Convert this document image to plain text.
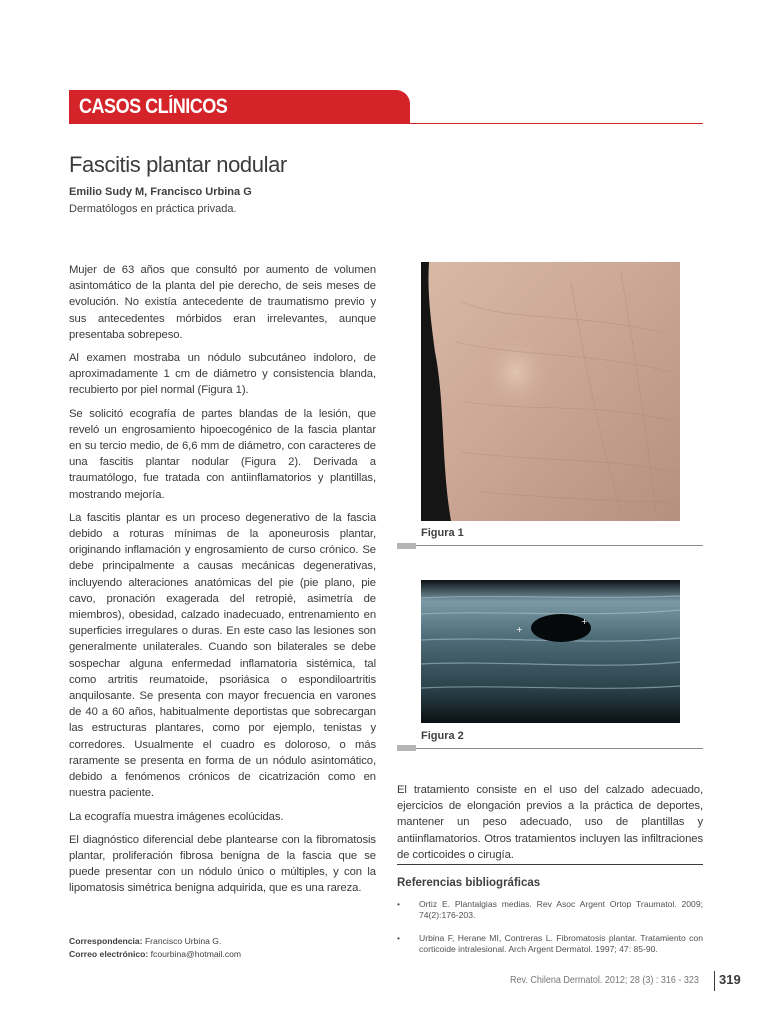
CASOS CLÍNICOS
Fascitis plantar nodular
Emilio Sudy M, Francisco Urbina G
Dermatólogos en práctica privada.

Mujer de 63 años que consultó por aumento de volumen asintomático de la planta del pie derecho, de seis meses de evolución. No existía antecedente de traumatismo previo y sus antecedentes mórbidos eran irrelevantes, aunque presentaba sobrepeso.

Al examen mostraba un nódulo subcutáneo indoloro, de aproximadamente 1 cm de diámetro y consistencia blanda, recubierto por piel normal (Figura 1).

Se solicitó ecografía de partes blandas de la lesión, que reveló un engrosamiento hipoecogénico de la fascia plantar en su tercio medio, de 6,6 mm de diámetro, con caracteres de una fascitis plantar nodular (Figura 2). Derivada a traumatólogo, fue tratada con antiinflamatorios y plantillas, mostrando mejoría.

La fascitis plantar es un proceso degenerativo de la fascia debido a roturas mínimas de la aponeurosis plantar, originando inflamación y engrosamiento de curso crónico. Se debe principalmente a causas mecánicas degenerativas, incluyendo alteraciones anatómicas del pie (pie plano, pie cavo, pronación exagerada del retropié, asimetría de miembros), obesidad, calzado inadecuado, entrenamiento en superficies irregulares o duras. En este caso las lesiones son generalmente unilaterales. Cuando son bilaterales se debe sospechar alguna enfermedad inflamatoria sistémica, tal como artritis reumatoide, psoriásica o espondiloartritis anquilosante. Se presenta con mayor frecuencia en varones de 40 a 60 años, habitualmente deportistas que sobrecargan las estructuras plantares, como por ejemplo, tenistas y corredores. Usualmente el cuadro es doloroso, o más raramente se presenta en forma de un nódulo asintomático, debido a fenómenos crónicos de cicatrización como en nuestra paciente.

La ecografía muestra imágenes ecolúcidas.

El diagnóstico diferencial debe plantearse con la fibromatosis plantar, proliferación fibrosa benigna de la fascia que se puede presentar con un nódulo único o múltiples, y con la lipomatosis simétrica benigna adquirida, que es una rareza.

Figura 1
+
+
Figura 2

El tratamiento consiste en el uso del calzado adecuado, ejercicios de elongación previos a la práctica de deportes, mantener un peso adecuado, uso de plantillas y antiinflamatorios. Otros tratamientos incluyen las infiltraciones de corticoides o cirugía.

Referencias bibliográficas
• Ortiz E. Plantalgias medias. Rev Asoc Argent Ortop Traumatol. 2009; 74(2):176-203.
• Urbina F, Herane MI, Contreras L. Fibromatosis plantar. Tratamiento con corticoide intralesional. Arch Argent Dermatol. 1997; 47: 85-90.
Correspondencia: Francisco Urbina G.
Correo electrónico: fcourbina@hotmail.com
Rev. Chilena Dermatol. 2012; 28 (3) : 316 - 323 319
